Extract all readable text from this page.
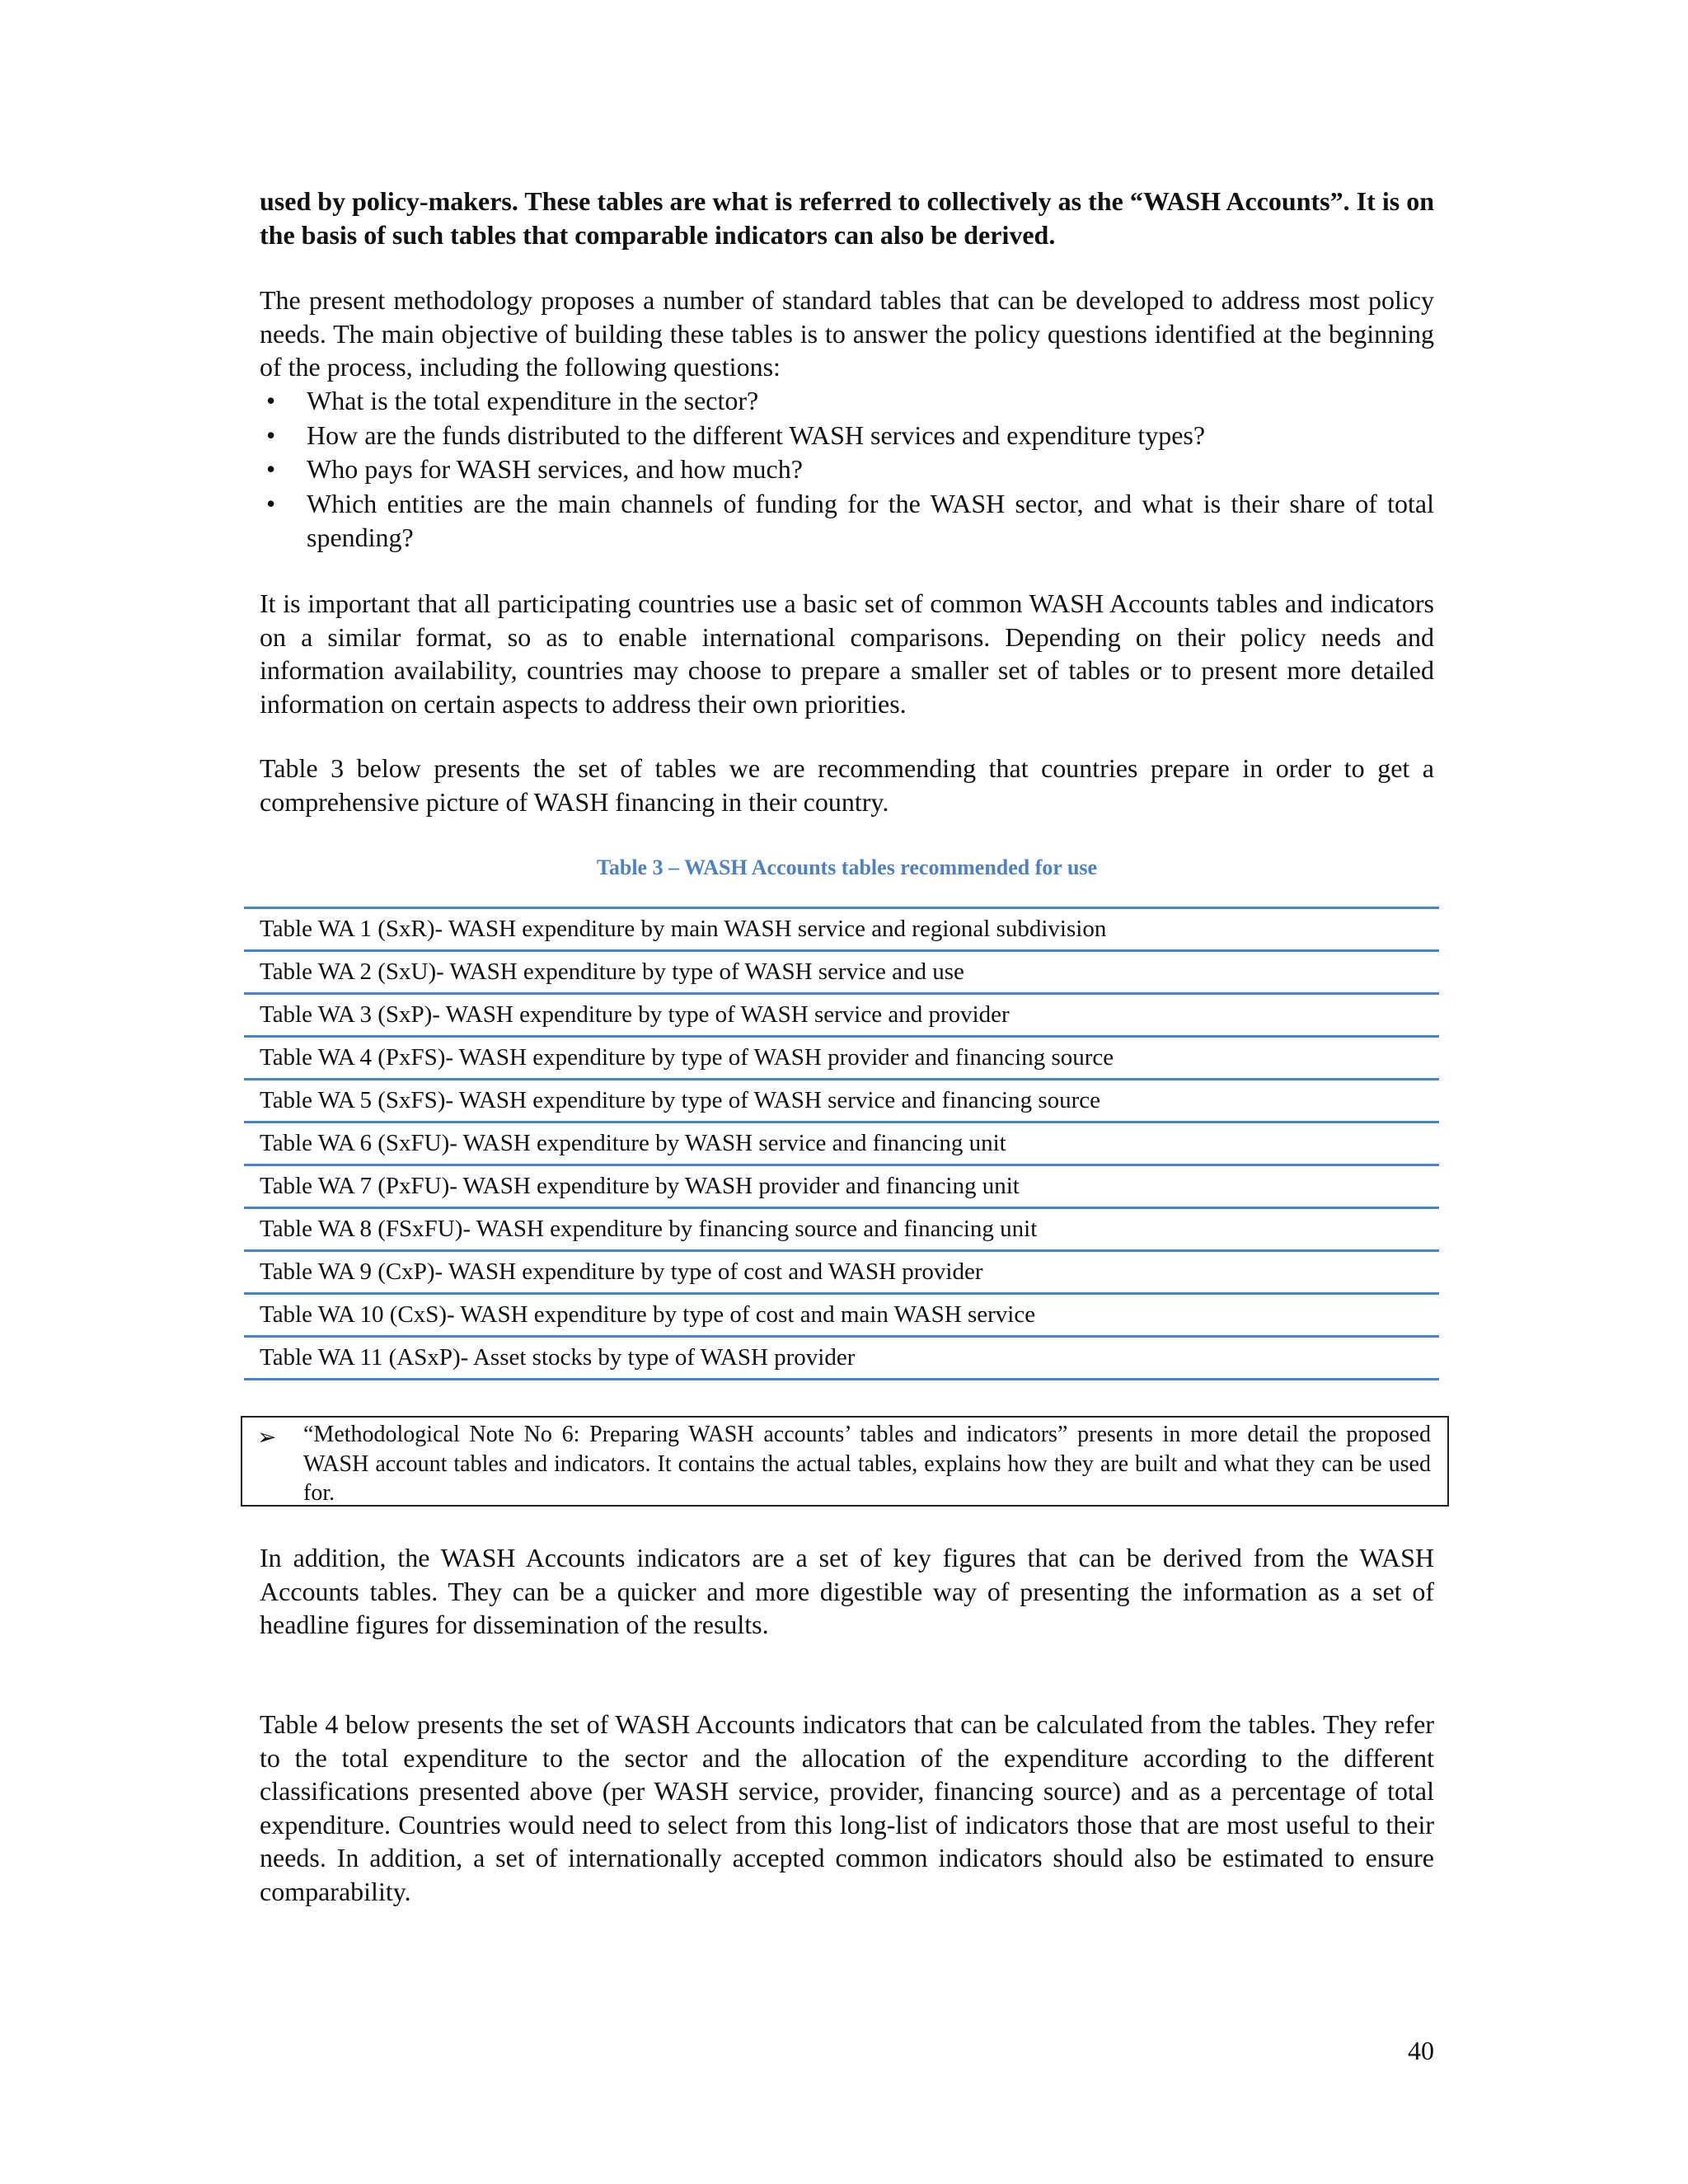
used by policy-makers. These tables are what is referred to collectively as the “WASH Accounts”. It is on the basis of such tables that comparable indicators can also be derived.

The present methodology proposes a number of standard tables that can be developed to address most policy needs. The main objective of building these tables is to answer the policy questions identified at the beginning of the process, including the following questions:

• What is the total expenditure in the sector?
• How are the funds distributed to the different WASH services and expenditure types?
• Who pays for WASH services, and how much?
• Which entities are the main channels of funding for the WASH sector, and what is their share of total spending?

It is important that all participating countries use a basic set of common WASH Accounts tables and indicators on a similar format, so as to enable international comparisons. Depending on their policy needs and information availability, countries may choose to prepare a smaller set of tables or to present more detailed information on certain aspects to address their own priorities.

Table 3 below presents the set of tables we are recommending that countries prepare in order to get a comprehensive picture of WASH financing in their country.

Table 3 – WASH Accounts tables recommended for use

Table WA 1 (SxR)- WASH expenditure by main WASH service and regional subdivision
Table WA 2 (SxU)- WASH expenditure by type of WASH service and use
Table WA 3 (SxP)- WASH expenditure by type of WASH service and provider
Table WA 4 (PxFS)- WASH expenditure by type of WASH provider and financing source
Table WA 5 (SxFS)- WASH expenditure by type of WASH service and financing source
Table WA 6 (SxFU)- WASH expenditure by WASH service and financing unit
Table WA 7 (PxFU)- WASH expenditure by WASH provider and financing unit
Table WA 8 (FSxFU)- WASH expenditure by financing source and financing unit
Table WA 9 (CxP)- WASH expenditure by type of cost and WASH provider
Table WA 10 (CxS)- WASH expenditure by type of cost and main WASH service
Table WA 11 (ASxP)- Asset stocks by type of WASH provider
➢ “Methodological Note No 6: Preparing WASH accounts’ tables and indicators” presents in more detail the proposed WASH account tables and indicators. It contains the actual tables, explains how they are built and what they can be used for.

In addition, the WASH Accounts indicators are a set of key figures that can be derived from the WASH Accounts tables. They can be a quicker and more digestible way of presenting the information as a set of headline figures for dissemination of the results.

Table 4 below presents the set of WASH Accounts indicators that can be calculated from the tables. They refer to the total expenditure to the sector and the allocation of the expenditure according to the different classifications presented above (per WASH service, provider, financing source) and as a percentage of total expenditure. Countries would need to select from this long-list of indicators those that are most useful to their needs. In addition, a set of internationally accepted common indicators should also be estimated to ensure comparability.

40
